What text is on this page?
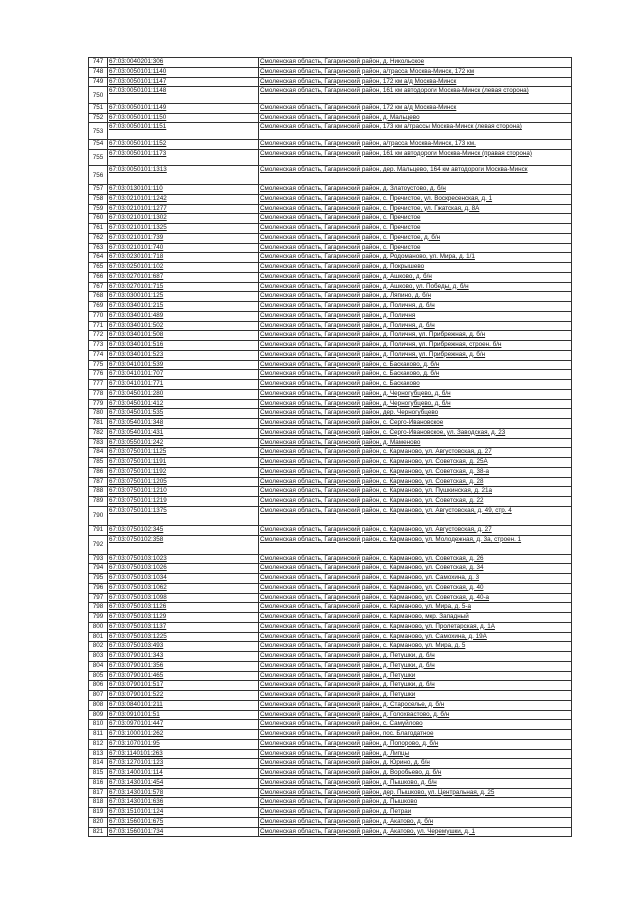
747	67:03:0040201:306	Смоленская область, Гагаринский район, д. Никольское
748	67:03:0050101:1140	Смоленская область, Гагаринский район, а/трасса Москва-Минск, 172 км
749	67:03:0050101:1147	Смоленская область, Гагаринский район, 172 км а/д Москва-Минск
750	67:03:0050101:1148	Смоленская область, Гагаринский район, 161 км автодороги Москва-Минск (левая сторона)
751	67:03:0050101:1149	Смоленская область, Гагаринский район, 172 км а/д Москва-Минск
752	67:03:0050101:1150	Смоленская область, Гагаринский район, д. Мальцево
753	67:03:0050101:1151	Смоленская область, Гагаринский район, 173 км а/трассы Москва-Минск (левая сторона)
754	67:03:0050101:1152	Смоленская область, Гагаринский район, а/трасса Москва-Минск, 173 км.
755	67:03:0050101:1173	Смоленская область, Гагаринский район, 161 км автодороги Москва-Минск (правая сторона)
756	67:03:0050101:1313	Смоленская область, Гагаринский район, дер. Мальцево, 164 км автодороги Москва-Минск
757	67:03:0130101:110	Смоленская область, Гагаринский район, д. Златоустово, д. б/н
758	67:03:0210101:1242	Смоленская область, Гагаринский район, с. Пречистое, ул. Воскресенская, д. 1
759	67:03:0210101:1277	Смоленская область, Гагаринский район, с. Пречистое, ул. Гжатская, д. 8А
760	67:03:0210101:1302	Смоленская область, Гагаринский район, с. Пречистое
761	67:03:0210101:1325	Смоленская область, Гагаринский район, с. Пречистое
762	67:03:0210101:739	Смоленская область, Гагаринский район, с. Пречистое, д. б/н
763	67:03:0210101:740	Смоленская область, Гагаринский район, с. Пречистое
764	67:03:0230101:718	Смоленская область, Гагаринский район, д. Родоманово, ул. Мира, д. 1/1
765	67:03:0250101:102	Смоленская область, Гагаринский район, д. Покрышево
766	67:03:0270101:687	Смоленская область, Гагаринский район, д. Ашково, д. б/н
767	67:03:0270101:715	Смоленская область, Гагаринский район, д. Ашково, ул. Победы, д. б/н
768	67:03:0300101:125	Смоленская область, Гагаринский район, д. Ляпино, д. б/н
769	67:03:0340101:215	Смоленская область, Гагаринский район, д. Поличня, д. б/н
770	67:03:0340101:489	Смоленская область, Гагаринский район, д. Поличня
771	67:03:0340101:502	Смоленская область, Гагаринский район, д. Поличня, д. б/н
772	67:03:0340101:508	Смоленская область, Гагаринский район, д. Поличня, ул. Прибрежная, д. б/н
773	67:03:0340101:516	Смоленская область, Гагаринский район, д. Поличня, ул. Прибрежная, строен. б/н
774	67:03:0340101:523	Смоленская область, Гагаринский район, д. Поличня, ул. Прибрежная, д. б/н
775	67:03:0410101:539	Смоленская область, Гагаринский район, с. Баскаково, д. б/н
776	67:03:0410101:707	Смоленская область, Гагаринский район, с. Баскаково, д. б/н
777	67:03:0410101:771	Смоленская область, Гагаринский район, с. Баскаково
778	67:03:0450101:280	Смоленская область, Гагаринский район, д. Черногубцево, д. б/н
779	67:03:0450101:412	Смоленская область, Гагаринский район, д. Черногубцево, д. б/н
780	67:03:0450101:535	Смоленская область, Гагаринский район, дер. Черногубцево
781	67:03:0540101:348	Смоленская область, Гагаринский район, с. Серго-Ивановское
782	67:03:0540101:431	Смоленская область, Гагаринский район, с. Серго-Ивановское, ул. Заводская, д. 23
783	67:03:0550101:242	Смоленская область, Гагаринский район, д. Маменово
784	67:03:0750101:1125	Смоленская область, Гагаринский район, с. Карманово, ул. Августовская, д. 27
785	67:03:0750101:1191	Смоленская область, Гагаринский район, с. Карманово, ул. Советская, д. 25А
786	67:03:0750101:1192	Смоленская область, Гагаринский район, с. Карманово, ул. Советская, д. 38-а
787	67:03:0750101:1205	Смоленская область, Гагаринский район, с. Карманово, ул. Советская, д. 28
788	67:03:0750101:1210	Смоленская область, Гагаринский район, с. Карманово, ул. Пушкинская, д. 21а
789	67:03:0750101:1219	Смоленская область, Гагаринский район, с. Карманово, ул. Советская, д. 22
790	67:03:0750101:1375	Смоленская область, Гагаринский район, с. Карманово, ул. Августовская, д. 49, стр. 4
791	67:03:0750102:345	Смоленская область, Гагаринский район, с. Карманово, ул. Августовская, д. 27
792	67:03:0750102:358	Смоленская область, Гагаринский район, с. Карманово, ул. Молодежная, д. 3а, строен. 1
793	67:03:0750103:1023	Смоленская область, Гагаринский район, с. Карманово, ул. Советская, д. 26
794	67:03:0750103:1026	Смоленская область, Гагаринский район, с. Карманово, ул. Советская, д. 34
795	67:03:0750103:1034	Смоленская область, Гагаринский район, с. Карманово, ул. Самохина, д. 3
796	67:03:0750103:1062	Смоленская область, Гагаринский район, с. Карманово, ул. Советская, д. 40
797	67:03:0750103:1098	Смоленская область, Гагаринский район, с. Карманово, ул. Советская, д. 40-а
798	67:03:0750103:1126	Смоленская область, Гагаринский район, с. Карманово, ул. Мира, д. 5-а
799	67:03:0750103:1129	Смоленская область, Гагаринский район, с. Карманово, мкр. Западный
800	67:03:0750103:1137	Смоленская область, Гагаринский район, с. Карманово, ул. Пролетарская, д. 1А
801	67:03:0750103:1225	Смоленская область, Гагаринский район, с. Карманово, ул. Самохина, д. 19А
802	67:03:0750103:493	Смоленская область, Гагаринский район, с. Карманово, ул. Мира, д. 5
803	67:03:0790101:343	Смоленская область, Гагаринский район, д. Петушки, д. б/н
804	67:03:0790101:356	Смоленская область, Гагаринский район, д. Петушки, д. б/н
805	67:03:0790101:465	Смоленская область, Гагаринский район, д. Петушки
806	67:03:0790101:517	Смоленская область, Гагаринский район, д. Петушки, д. б/н
807	67:03:0790101:522	Смоленская область, Гагаринский район, д. Петушки
808	67:03:0840101:211	Смоленская область, Гагаринский район, д. Староселье, д. б/н
809	67:03:0910101:51	Смоленская область, Гагаринский район, д. Голохвастово, д. б/н
810	67:03:0970101:447	Смоленская область, Гагаринский район, с. Самуйлово
811	67:03:1000101:262	Смоленская область, Гагаринский район, пос. Благодатное
812	67:03:1070101:95	Смоленская область, Гагаринский район, д. Попорово, д. б/н
813	67:03:1140101:263	Смоленская область, Гагаринский район, д. Липцы
814	67:03:1270101:123	Смоленская область, Гагаринский район, д. Юрино, д. б/н
815	67:03:1400101:114	Смоленская область, Гагаринский район, д. Воробьево, д. б/н
816	67:03:1430101:454	Смоленская область, Гагаринский район, д. Пышково, д. б/н
817	67:03:1430101:578	Смоленская область, Гагаринский район, дер. Пышково, ул. Центральная, д. 25
818	67:03:1430101:636	Смоленская область, Гагаринский район, д. Пышково
819	67:03:1510101:124	Смоленская область, Гагаринский район, д. Петраи
820	67:03:1560101:675	Смоленская область, Гагаринский район, д. Акатово, д. б/н
821	67:03:1560101:734	Смоленская область, Гагаринский район, д. Акатово, ул. Черемушки, д. 1
